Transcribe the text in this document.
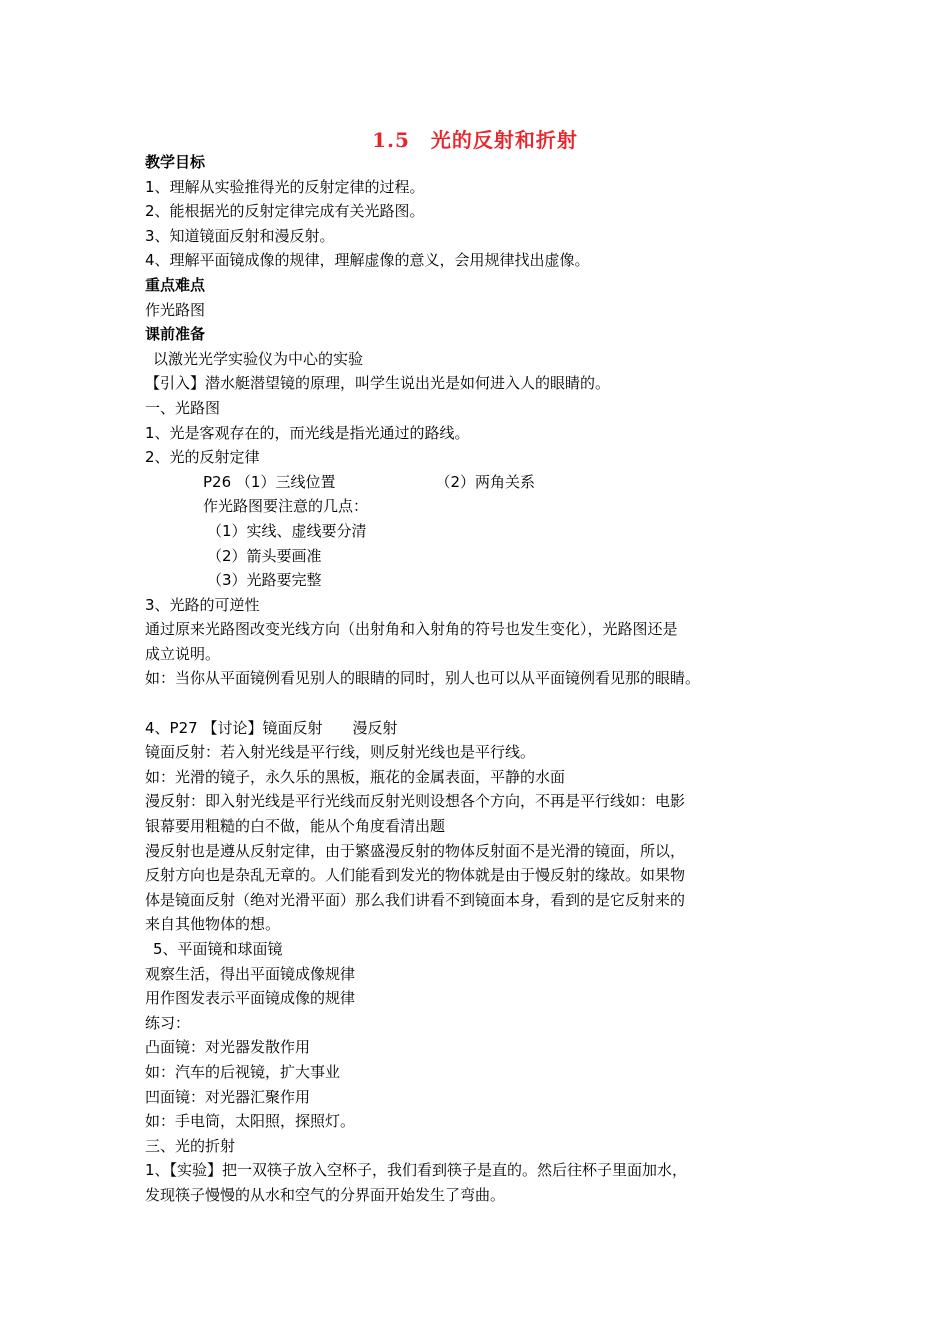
1.5　光的反射和折射
教学目标
1、理解从实验推得光的反射定律的过程。
2、能根据光的反射定律完成有关光路图。
3、知道镜面反射和漫反射。
4、理解平面镜成像的规律，理解虚像的意义，会用规律找出虚像。
重点难点
作光路图
课前准备
以激光光学实验仪为中心的实验
【引入】潜水艇潜望镜的原理，叫学生说出光是如何进入人的眼睛的。
一、光路图
1、光是客观存在的，而光线是指光通过的路线。
2、光的反射定律
P26 （1）三线位置	（2）两角关系
作光路图要注意的几点：
（1）实线、虚线要分清
（2）箭头要画准
（3）光路要完整
3、光路的可逆性
通过原来光路图改变光线方向（出射角和入射角的符号也发生变化），光路图还是
成立说明。
如：当你从平面镜例看见别人的眼睛的同时，别人也可以从平面镜例看见那的眼睛。
4、P27 【讨论】镜面反射　　漫反射
镜面反射：若入射光线是平行线，则反射光线也是平行线。
如：光滑的镜子，永久乐的黑板，瓶花的金属表面，平静的水面
漫反射：即入射光线是平行光线而反射光则设想各个方向，不再是平行线如：电影
银幕要用粗糙的白不做，能从个角度看清出题
漫反射也是遵从反射定律，由于繁盛漫反射的物体反射面不是光滑的镜面，所以，
反射方向也是杂乱无章的。人们能看到发光的物体就是由于慢反射的缘故。如果物
体是镜面反射（绝对光滑平面）那么我们讲看不到镜面本身，看到的是它反射来的
来自其他物体的想。
5、平面镜和球面镜
观察生活，得出平面镜成像规律
用作图发表示平面镜成像的规律
练习：
凸面镜：对光器发散作用
如：汽车的后视镜，扩大事业
凹面镜：对光器汇聚作用
如：手电筒，太阳照，探照灯。
三、光的折射
1、【实验】把一双筷子放入空杯子，我们看到筷子是直的。然后往杯子里面加水，
发现筷子慢慢的从水和空气的分界面开始发生了弯曲。
